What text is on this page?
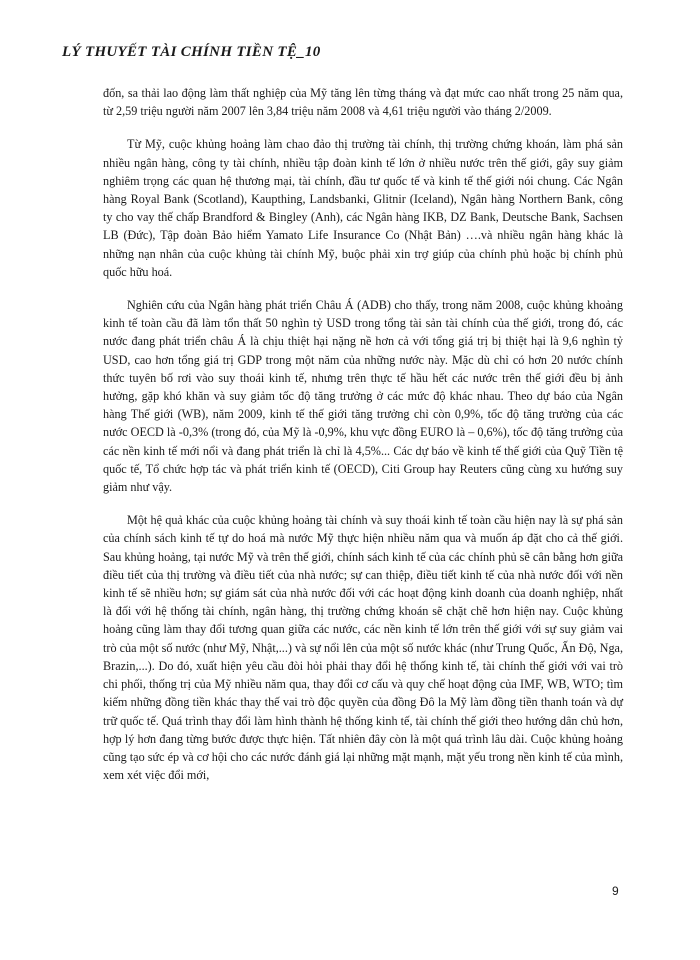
LÝ THUYẾT TÀI CHÍNH TIỀN TỆ_10

đốn, sa thải lao động làm thất nghiệp của Mỹ tăng lên từng tháng và đạt mức cao nhất trong 25 năm qua, từ 2,59 triệu người năm 2007 lên 3,84 triệu năm 2008 và 4,61 triệu người vào tháng 2/2009.

Từ Mỹ, cuộc khủng hoảng làm chao đảo thị trường tài chính, thị trường chứng khoán, làm phá sản nhiều ngân hàng, công ty tài chính, nhiều tập đoàn kinh tế lớn ở nhiều nước trên thế giới, gây suy giảm nghiêm trọng các quan hệ thương mại, tài chính, đầu tư quốc tế và kinh tế thế giới nói chung. Các Ngân hàng Royal Bank (Scotland), Kaupthing, Landsbanki, Glitnir (Iceland), Ngân hàng Northern Bank, công ty cho vay thế chấp Brandford & Bingley (Anh), các Ngân hàng IKB, DZ Bank, Deutsche Bank, Sachsen LB (Đức), Tập đoàn Bảo hiểm Yamato Life Insurance Co (Nhật Bản) ….và nhiều ngân hàng khác là những nạn nhân của cuộc khủng tài chính Mỹ, buộc phải xin trợ giúp của chính phủ hoặc bị chính phủ quốc hữu hoá.

Nghiên cứu của Ngân hàng phát triển Châu Á (ADB) cho thấy, trong năm 2008, cuộc khủng khoảng kinh tế toàn cầu đã làm tổn thất 50 nghìn tỷ USD trong tổng tài sản tài chính của thế giới, trong đó, các nước đang phát triển châu Á là chịu thiệt hại nặng nề hơn cả với tổng giá trị bị thiệt hại là 9,6 nghìn tỷ USD, cao hơn tổng giá trị GDP trong một năm của những nước này. Mặc dù chỉ có hơn 20 nước chính thức tuyên bố rơi vào suy thoái kinh tế, nhưng trên thực tế hầu hết các nước trên thế giới đều bị ảnh hưởng, gặp khó khăn và suy giảm tốc độ tăng trưởng ở các mức độ khác nhau. Theo dự báo của Ngân hàng Thế giới (WB), năm 2009, kinh tế thế giới tăng trưởng chỉ còn 0,9%, tốc độ tăng trưởng của các nước OECD là -0,3% (trong đó, của Mỹ là -0,9%, khu vực đồng EURO là – 0,6%), tốc độ tăng trưởng của các nền kinh tế mới nổi và đang phát triển là chỉ là 4,5%... Các dự báo về kinh tế thế giới của Quỹ Tiền tệ quốc tế, Tổ chức hợp tác và phát triển kinh tế (OECD), Citi Group hay Reuters cũng cùng xu hướng suy giảm như vậy.

Một hệ quả khác của cuộc khủng hoảng tài chính và suy thoái kinh tế toàn cầu hiện nay là sự phá sản của chính sách kinh tế tự do hoá mà nước Mỹ thực hiện nhiều năm qua và muốn áp đặt cho cả thế giới. Sau khủng hoảng, tại nước Mỹ và trên thế giới, chính sách kinh tế của các chính phủ sẽ cân bằng hơn giữa điều tiết của thị trường và điều tiết của nhà nước; sự can thiệp, điều tiết kinh tế của nhà nước đối với nền kinh tế sẽ nhiều hơn; sự giám sát của nhà nước đối với các hoạt động kinh doanh của doanh nghiệp, nhất là đối với hệ thống tài chính, ngân hàng, thị trường chứng khoán sẽ chặt chẽ hơn hiện nay. Cuộc khủng hoảng cũng làm thay đổi tương quan giữa các nước, các nền kinh tế lớn trên thế giới với sự suy giảm vai trò của một số nước (như Mỹ, Nhật,...) và sự nổi lên của một số nước khác (như Trung Quốc, Ấn Độ, Nga, Brazin,...). Do đó, xuất hiện yêu cầu đòi hỏi phải thay đổi hệ thống kinh tế, tài chính thế giới với vai trò chi phối, thống trị của Mỹ nhiều năm qua, thay đổi cơ cấu và quy chế hoạt động của IMF, WB, WTO; tìm kiếm những đồng tiền khác thay thế vai trò độc quyền của đồng Đô la Mỹ làm đồng tiền thanh toán và dự trữ quốc tế. Quá trình thay đổi làm hình thành hệ thống kinh tế, tài chính thế giới theo hướng dân chủ hơn, hợp lý hơn đang từng bước được thực hiện. Tất nhiên đây còn là một quá trình lâu dài. Cuộc khủng hoảng cũng tạo sức ép và cơ hội cho các nước đánh giá lại những mặt mạnh, mặt yếu trong nền kinh tế của mình, xem xét việc đổi mới,

9
